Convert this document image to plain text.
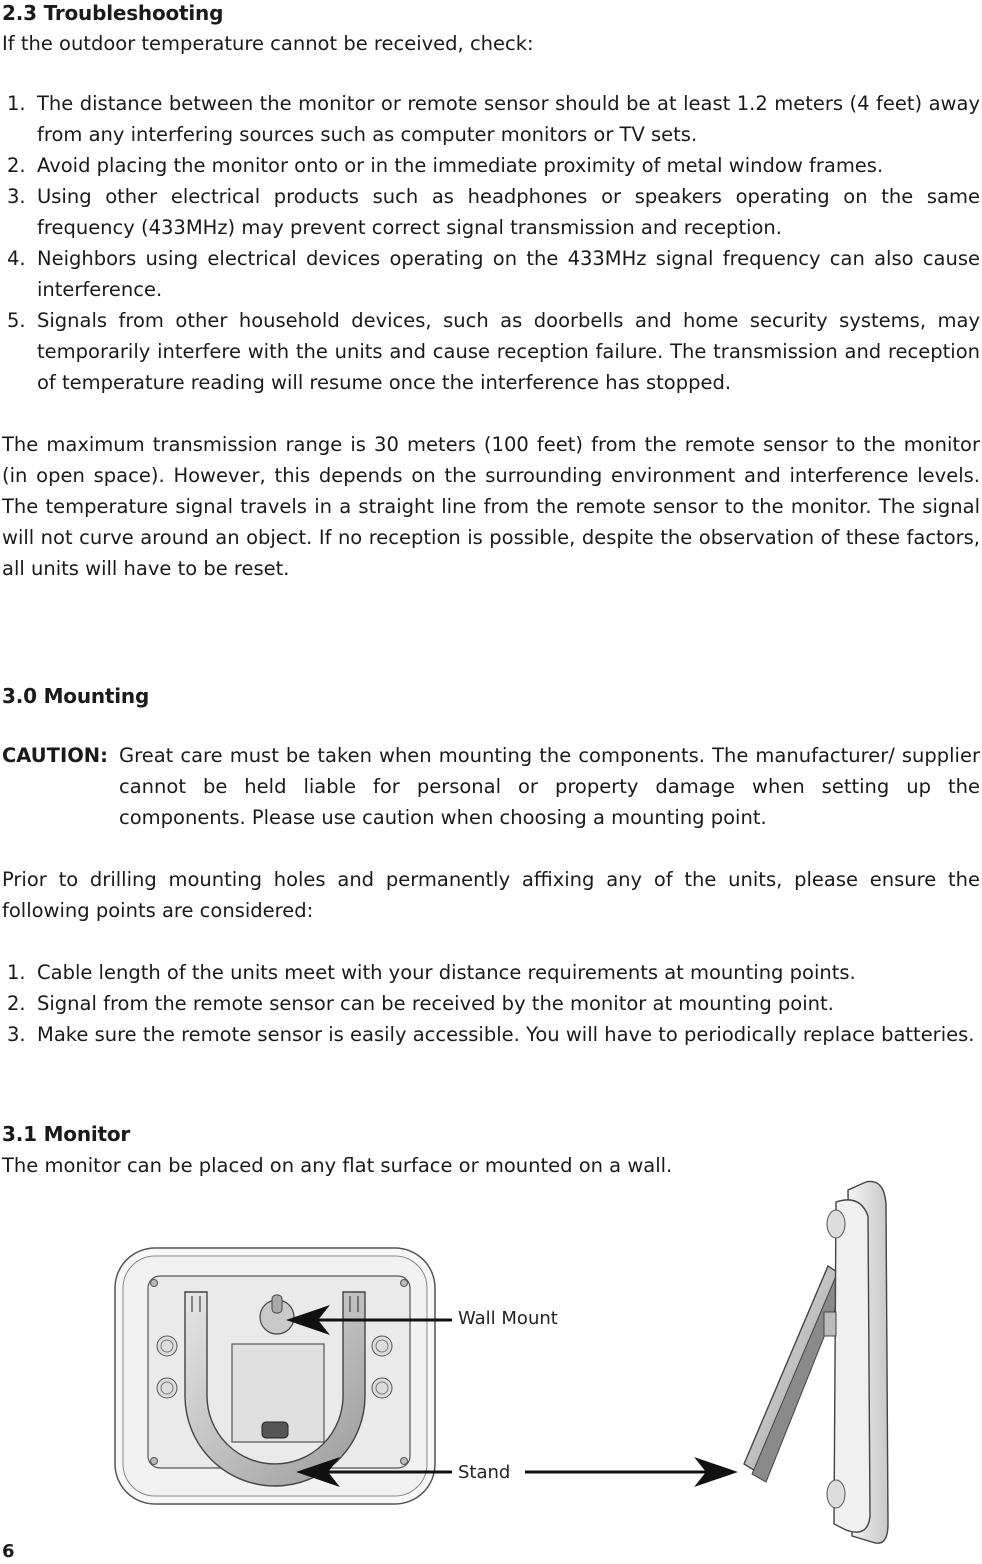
2.3 Troubleshooting

If the outdoor temperature cannot be received, check:

1. The distance between the monitor or remote sensor should be at least 1.2 meters (4 feet) away from any interfering sources such as computer monitors or TV sets.
2. Avoid placing the monitor onto or in the immediate proximity of metal window frames.
3. Using other electrical products such as headphones or speakers operating on the same frequency (433MHz) may prevent correct signal transmission and reception.
4. Neighbors using electrical devices operating on the 433MHz signal frequency can also cause interference.
5. Signals from other household devices, such as doorbells and home security systems, may temporarily interfere with the units and cause reception failure. The transmission and reception of temperature reading will resume once the interference has stopped.

The maximum transmission range is 30 meters (100 feet) from the remote sensor to the monitor (in open space). However, this depends on the surrounding environment and interference levels. The temperature signal travels in a straight line from the remote sensor to the monitor. The signal will not curve around an object. If no reception is possible, despite the observation of these factors, all units will have to be reset.

3.0 Mounting
CAUTION: Great care must be taken when mounting the components. The manufacturer/ supplier cannot be held liable for personal or property damage when setting up the components. Please use caution when choosing a mounting point.

Prior to drilling mounting holes and permanently affixing any of the units, please ensure the following points are considered:

1. Cable length of the units meet with your distance requirements at mounting points.
2. Signal from the remote sensor can be received by the monitor at mounting point.
3. Make sure the remote sensor is easily accessible. You will have to periodically replace batteries.
3.1 Monitor

The monitor can be placed on any flat surface or mounted on a wall.

Wall Mount
Stand
6
